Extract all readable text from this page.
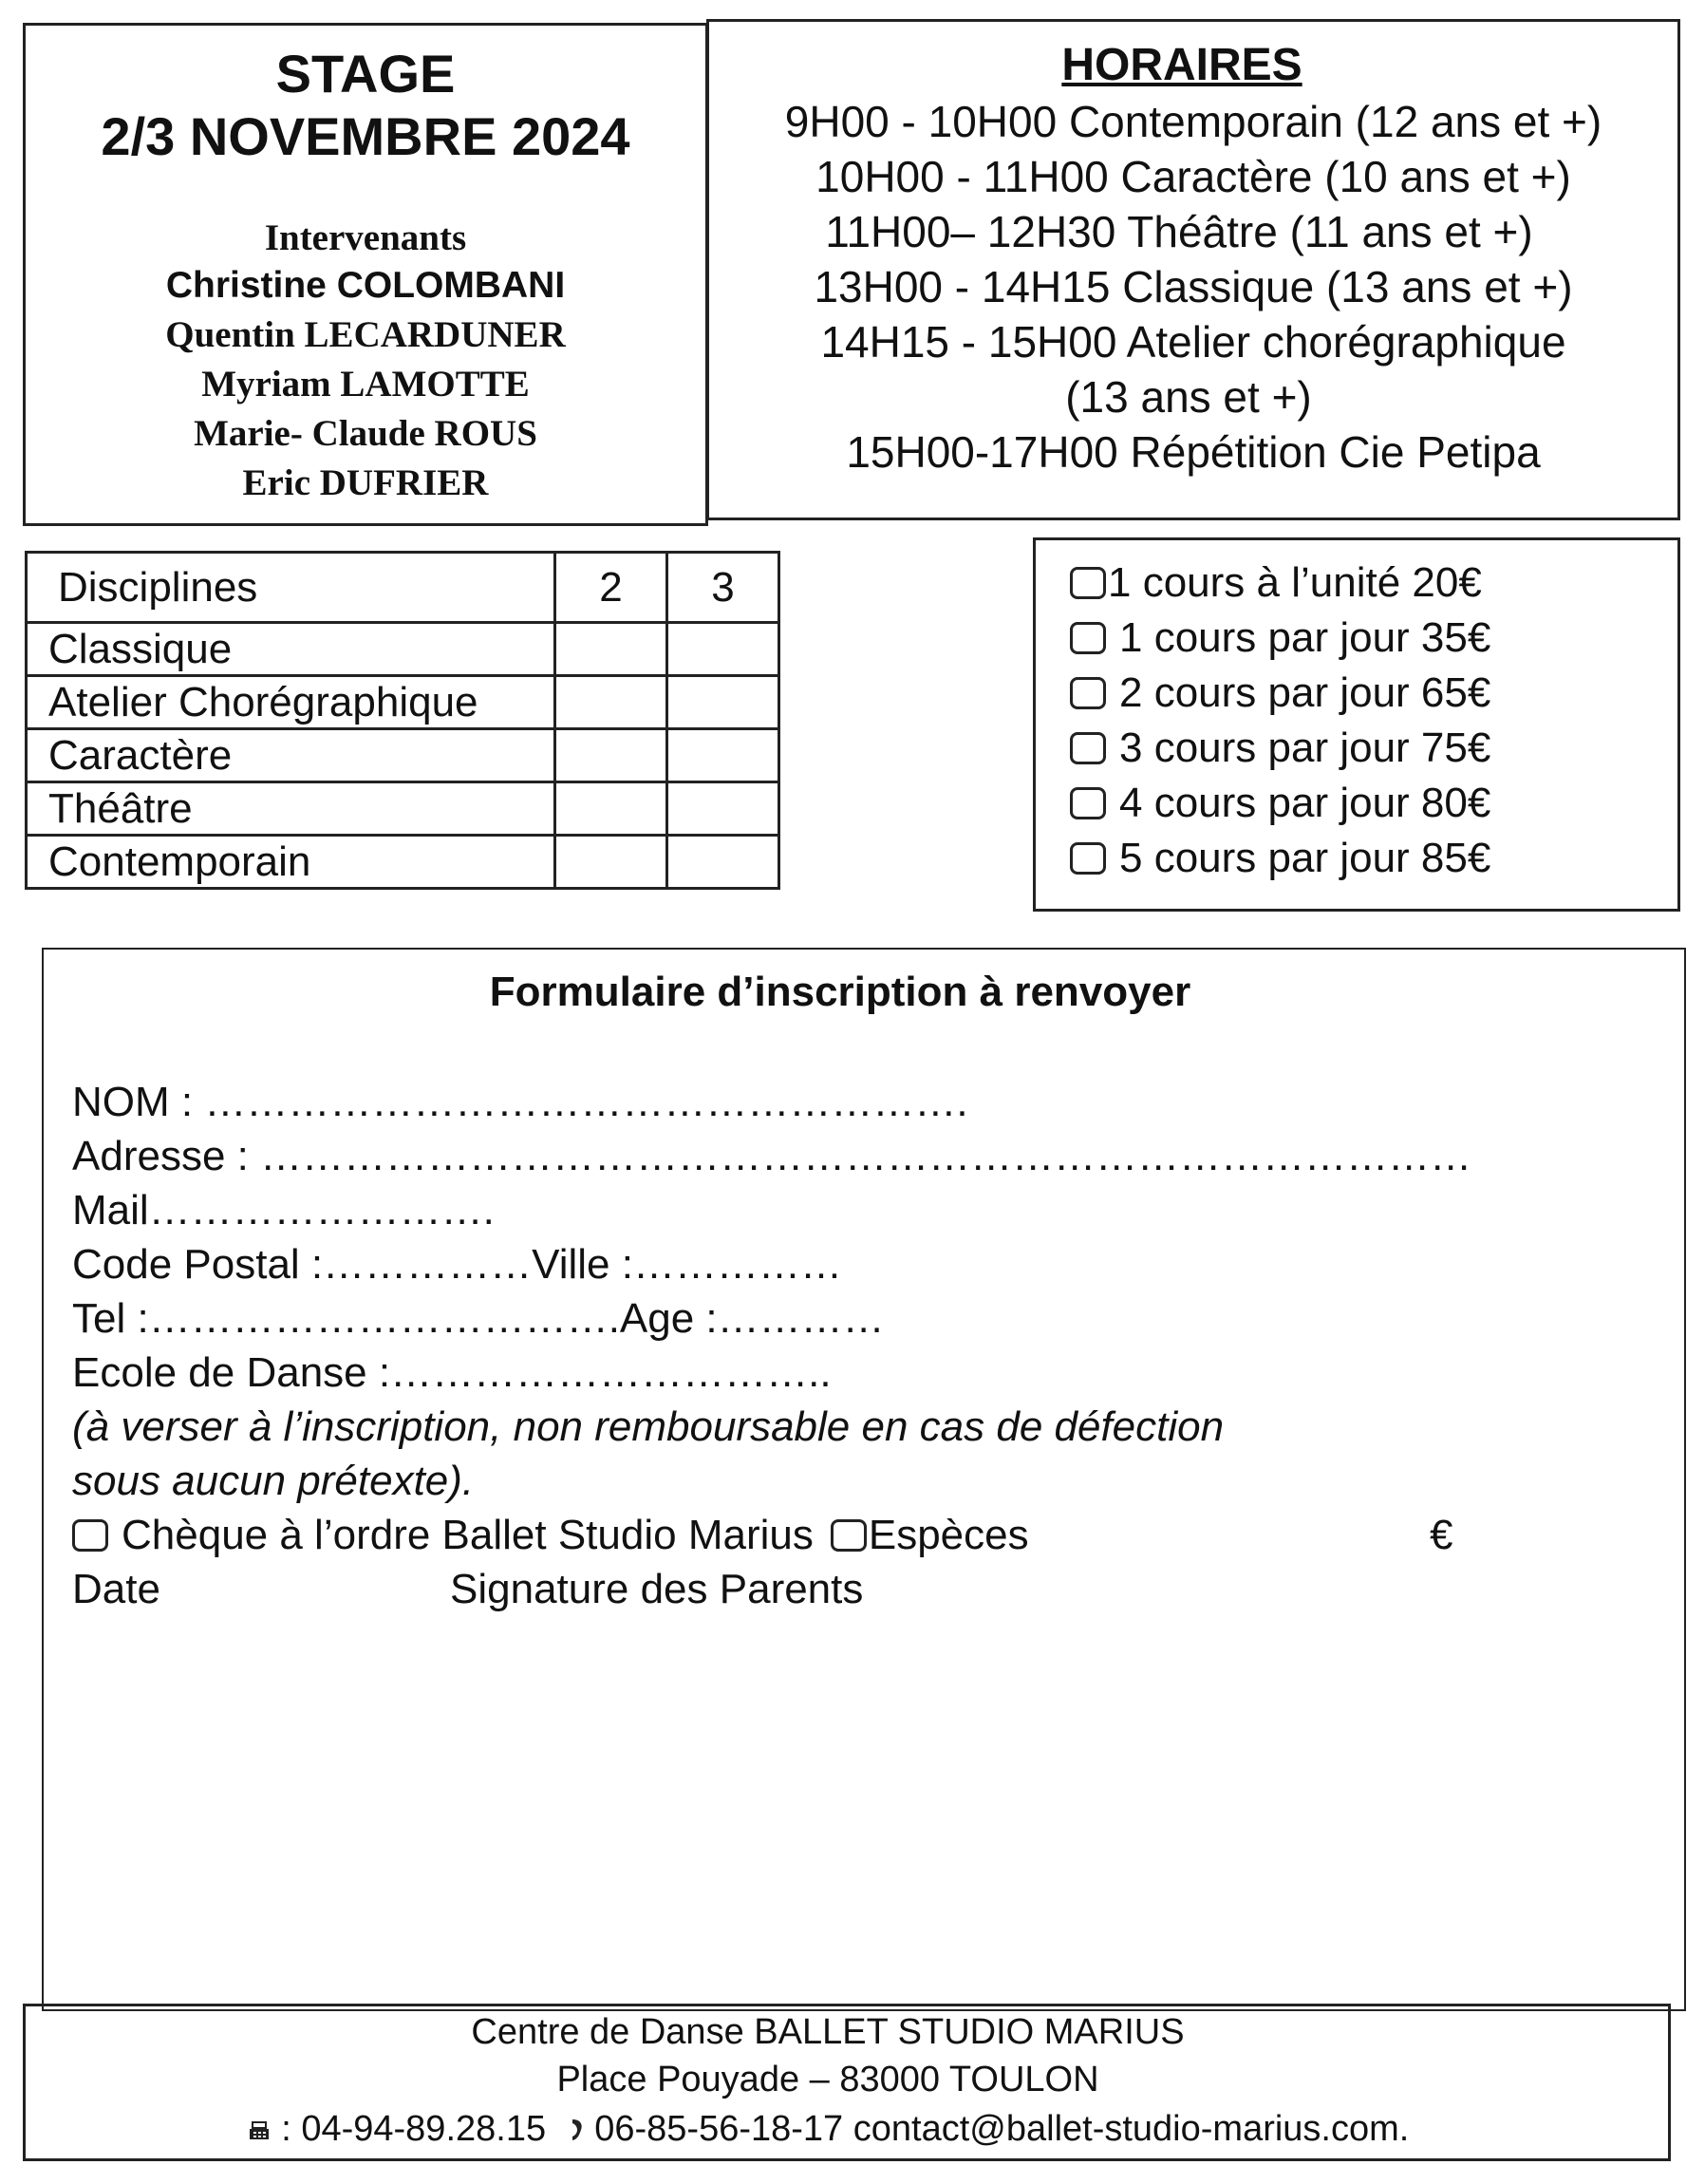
STAGE
2/3 NOVEMBRE 2024
Intervenants
Christine COLOMBANI
Quentin LECARDUNER
Myriam LAMOTTE
Marie- Claude ROUS
Eric DUFRIER
HORAIRES
9H00 - 10H00 Contemporain (12 ans et +)
10H00 - 11H00 Caractère (10 ans et +)
11H00– 12H30 Théâtre (11 ans et +)
13H00 - 14H15 Classique (13 ans et +)
14H15 - 15H00 Atelier chorégraphique
(13 ans et +)
15H00-17H00 Répétition Cie Petipa
Disciplines	2	3
Classique		
Atelier Chorégraphique		
Caractère		
Théâtre		
Contemporain		
1 cours à l’unité 20€
1 cours par jour 35€
2 cours par jour 65€
3 cours par jour 75€
4 cours par jour 80€
5 cours par jour 85€
Formulaire d’inscription à renvoyer
NOM : ……………………………………………….
Adresse : ……………………………………………………………………………
Mail…………………….
Code Postal :……………Ville :……………
Tel :…………………………….Age :…………
Ecole de Danse :…………………………..
(à verser à l’inscription, non remboursable en cas de défection
sous aucun prétexte).
Chèque à l’ordre Ballet Studio Marius Espèces	€
Date	Signature des Parents
Centre de Danse BALLET STUDIO MARIUS
Place Pouyade – 83000 TOULON
: 04-94-89.28.15 06-85-56-18-17 contact@ballet-studio-marius.com.
